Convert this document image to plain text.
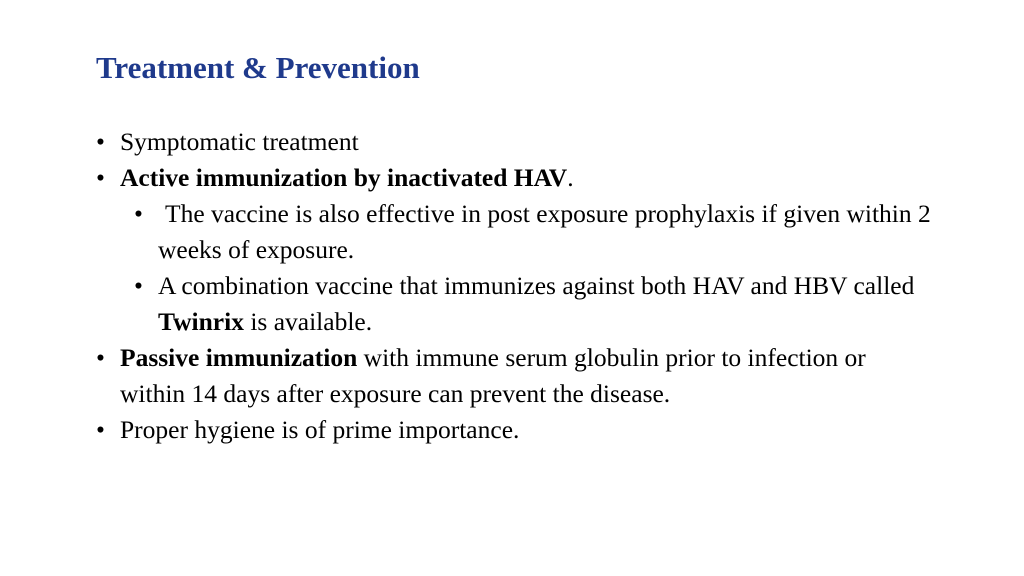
Treatment & Prevention

• Symptomatic treatment

• Active immunization by inactivated HAV.

• The vaccine is also effective in post exposure prophylaxis if given within 2 weeks of exposure.

• A combination vaccine that immunizes against both HAV and HBV called Twinrix is available.

• Passive immunization with immune serum globulin prior to infection or within 14 days after exposure can prevent the disease.

• Proper hygiene is of prime importance.
